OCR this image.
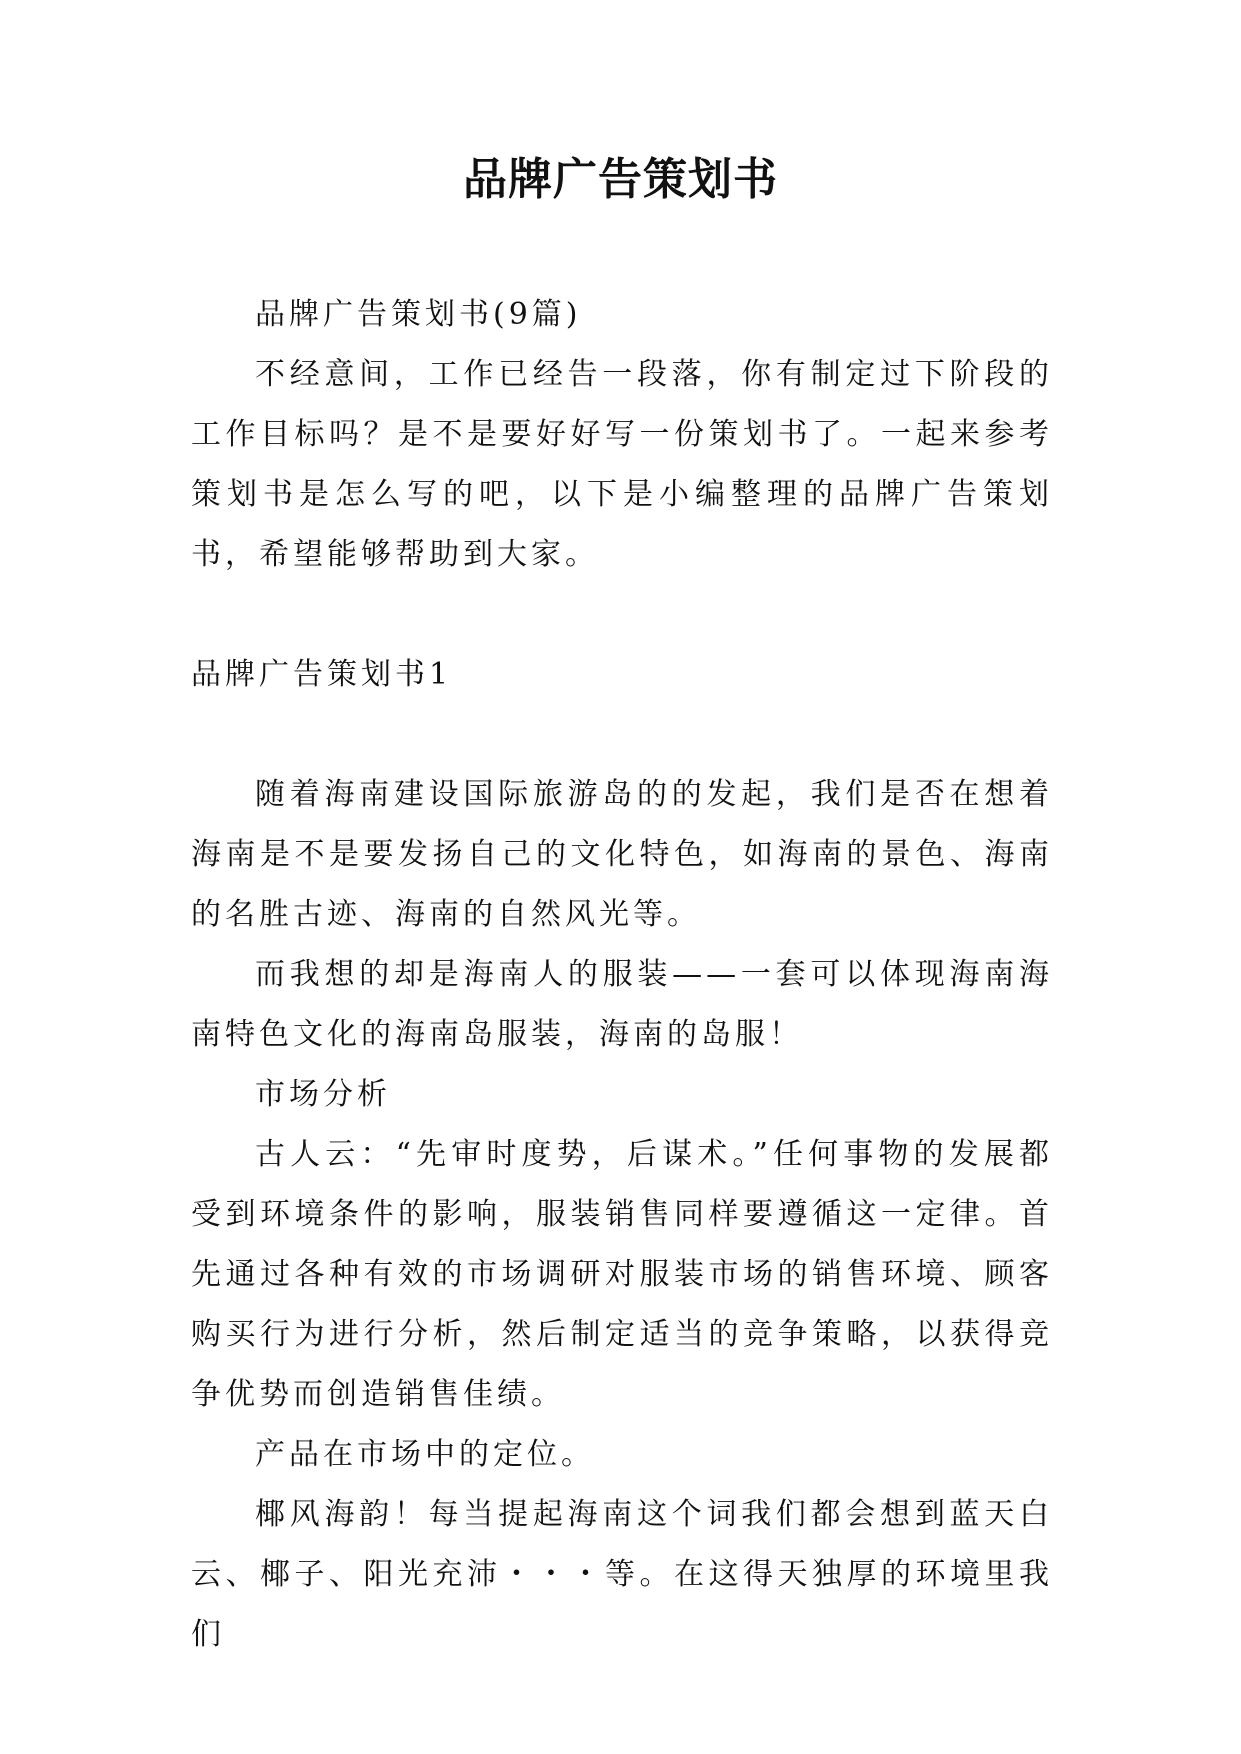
品牌广告策划书

品牌广告策划书(9篇)

不经意间，工作已经告一段落，你有制定过下阶段的工作目标吗？是不是要好好写一份策划书了。一起来参考策划书是怎么写的吧，以下是小编整理的品牌广告策划书，希望能够帮助到大家。

品牌广告策划书1

随着海南建设国际旅游岛的的发起，我们是否在想着海南是不是要发扬自己的文化特色，如海南的景色、海南的名胜古迹、海南的自然风光等。

而我想的却是海南人的服装——一套可以体现海南海南特色文化的海南岛服装，海南的岛服！

市场分析

古人云：“先审时度势，后谋术。”任何事物的发展都受到环境条件的影响，服装销售同样要遵循这一定律。首先通过各种有效的市场调研对服装市场的销售环境、顾客购买行为进行分析，然后制定适当的竞争策略，以获得竞争优势而创造销售佳绩。

产品在市场中的定位。

椰风海韵！每当提起海南这个词我们都会想到蓝天白云、椰子、阳光充沛・・・等。在这得天独厚的环境里我们
